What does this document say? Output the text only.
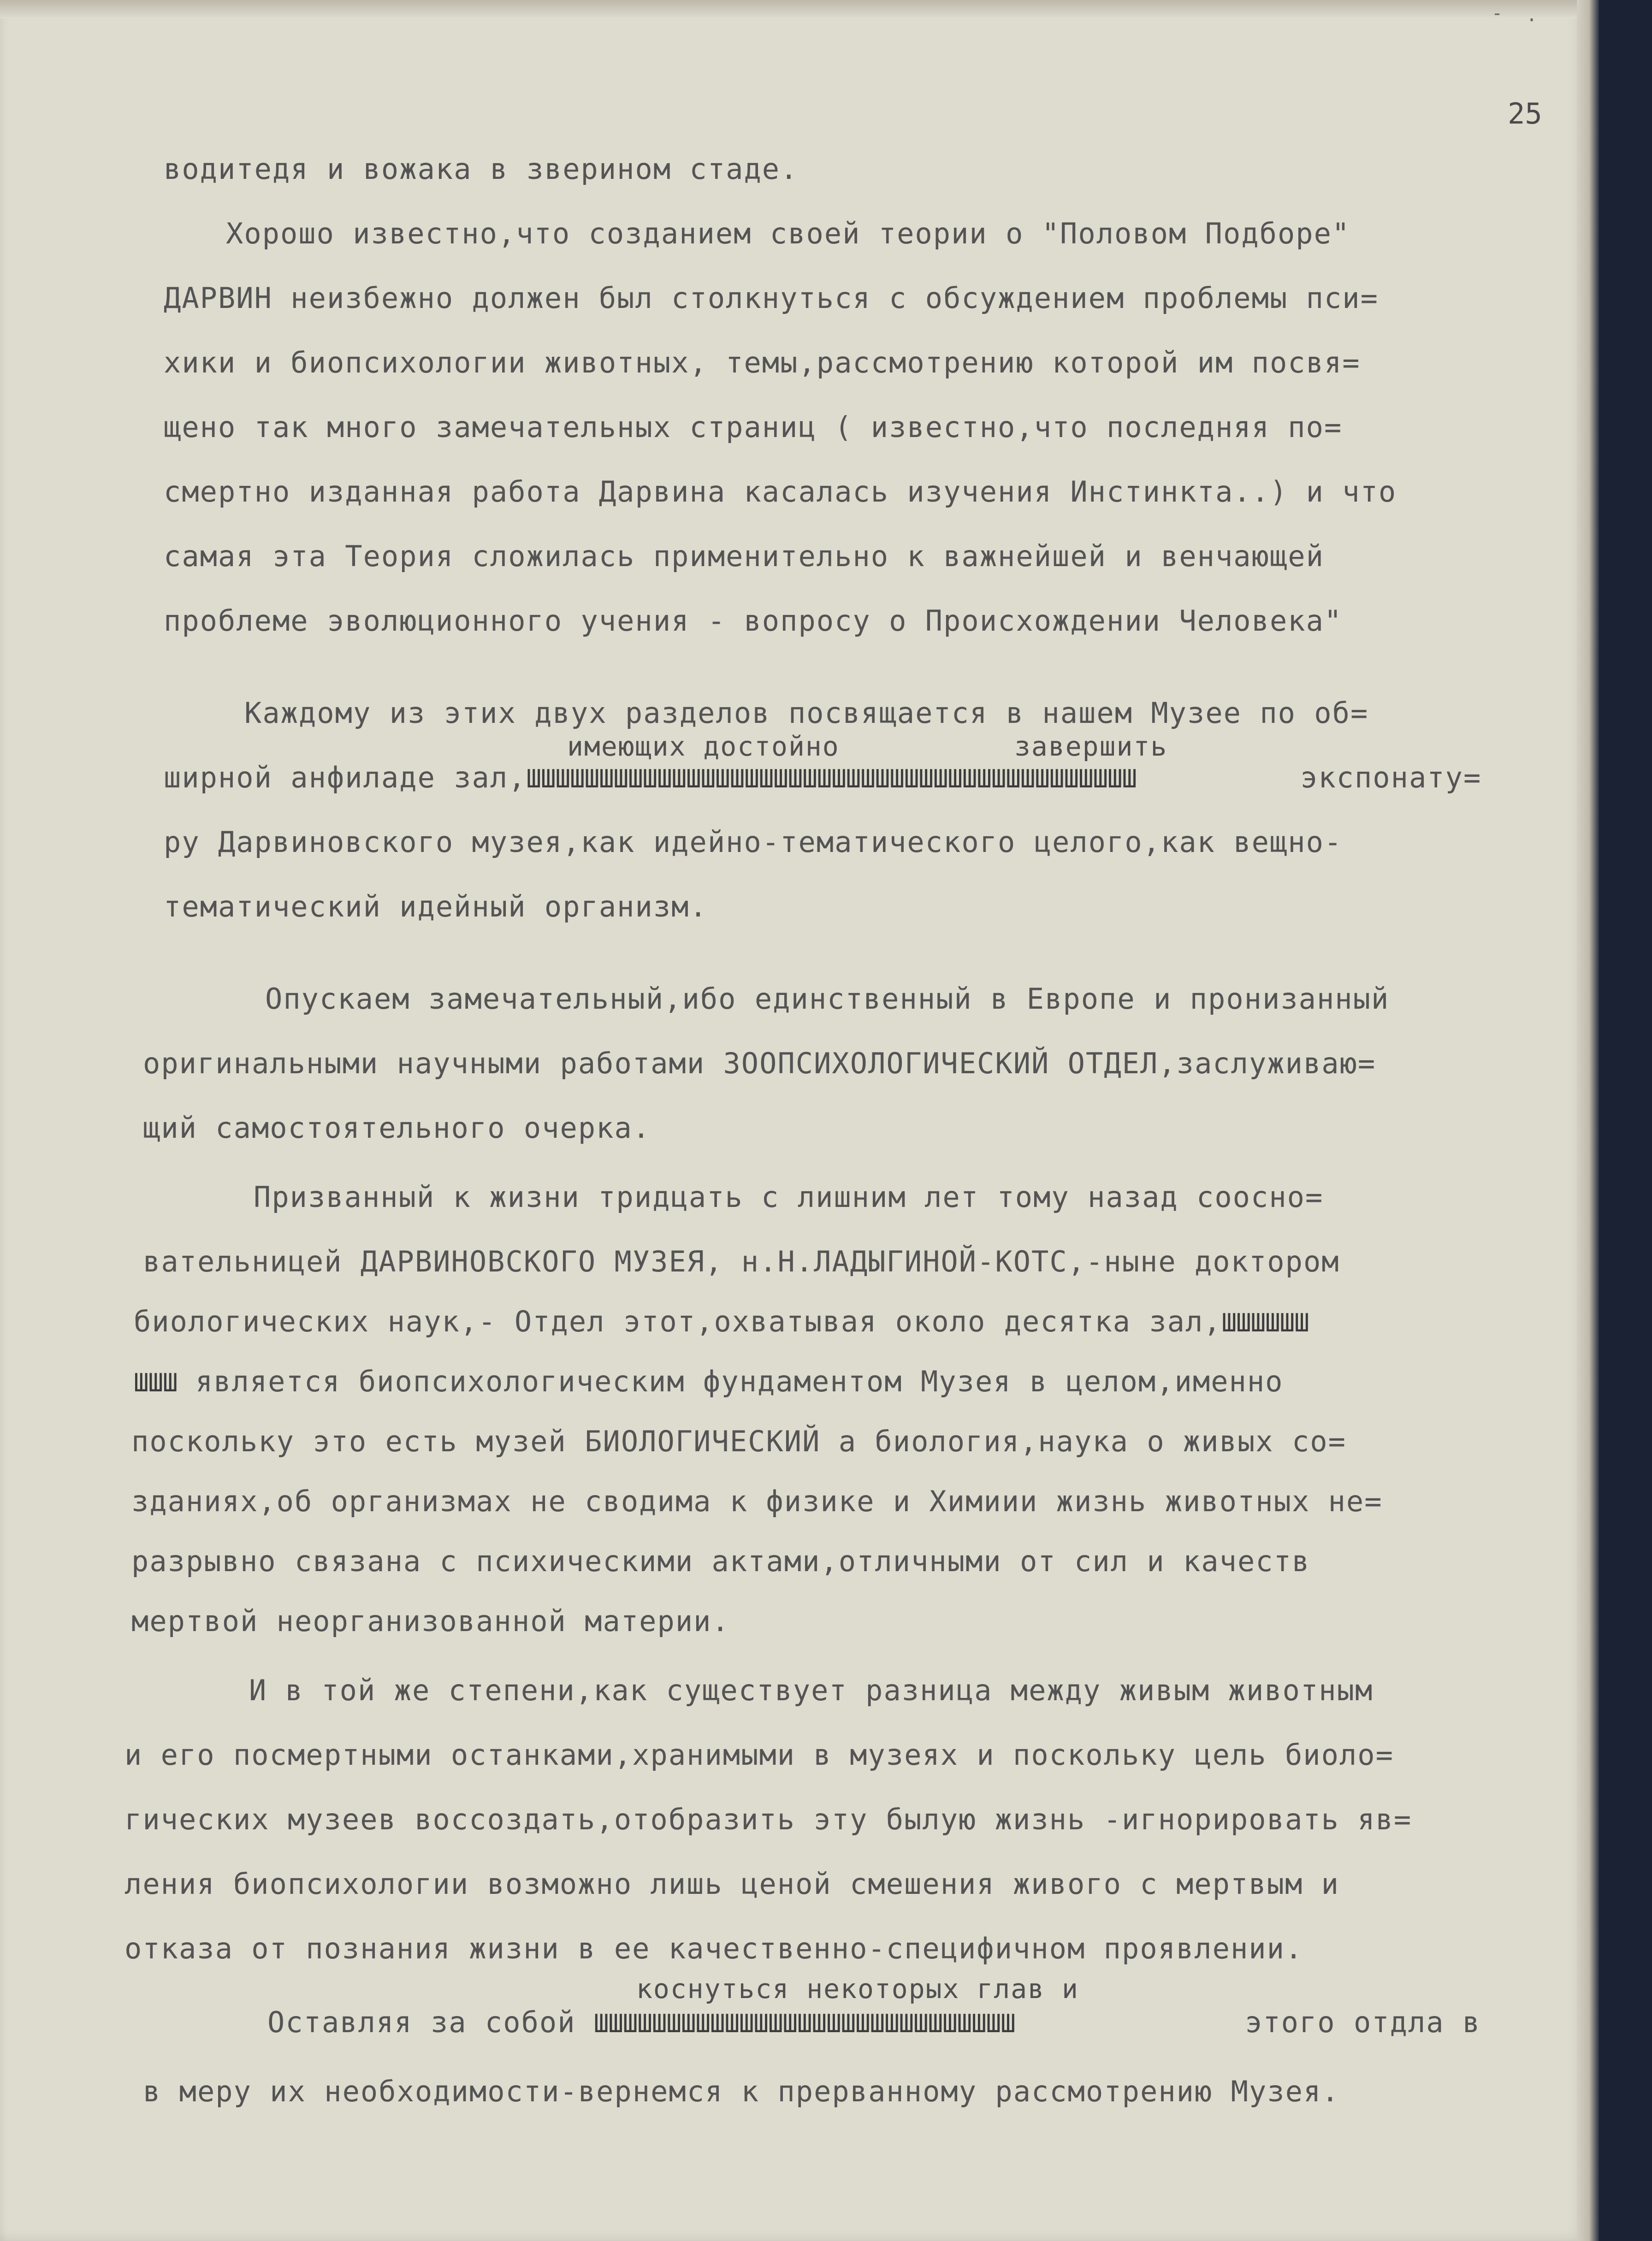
- .
25
водитедя и вожака в зверином стаде.
Хорошо известно,что созданием своей теории о "Половом Подборе"
ДАРВИН неизбежно должен был столкнуться с обсуждением проблемы пси=
хики и биопсихологии животных, темы,рассмотрению которой им посвя=
щено так много замечательных страниц ( известно,что последняя по=
смертно изданная работа Дарвина касалась изучения Инстинкта..) и что
самая эта Теория сложилась применительно к важнейшей и венчающей
проблеме эволюционного учения - вопросу о Происхождении Человека"
Каждому из этих двух разделов посвящается в нашем Музее по об=
имеющих достойно	завершить
ширной анфиладе зал,ШШШШШШШШШШШШШШШШШШШШШШШШШШШШШШШШШШШШШШШШШШ	экспонату=
ру Дарвиновского музея,как идейно-тематического целого,как вещно-
тематический идейный организм.
Опускаем замечательный,ибо единственный в Европе и пронизанный
оригинальными научными работами ЗООПСИХОЛОГИЧЕСКИЙ ОТДЕЛ,заслуживаю=
щий самостоятельного очерка.
Призванный к жизни тридцать с лишним лет тому назад соосно=
вательницей ДАРВИНОВСКОГО МУЗЕЯ, н.Н.ЛАДЫГИНОЙ-КОТС,-ныне доктором
биологических наук,- Отдел этот,охватывая около десятка зал,ШШШШШШ
ШШШ является биопсихологическим фундаментом Музея в целом,именно
поскольку это есть музей БИОЛОГИЧЕСКИЙ а биология,наука о живых со=
зданиях,об организмах не сводима к физике и Химиии жизнь животных не=
разрывно связана с психическими актами,отличными от сил и качеств
мертвой неорганизованной материи.
И в той же степени,как существует разница между живым животным
и его посмертными останками,хранимыми в музеях и поскольку цель биоло=
гических музеев воссоздать,отобразить эту былую жизнь -игнорировать яв=
ления биопсихологии возможно лишь ценой смешения живого с мертвым и
отказа от познания жизни в ее качественно-специфичном проявлении.
коснуться некоторых глав и
Оставляя за собой ШШШШШШШШШШШШШШШШШШШШШШШШШШШШШ	этого отдла в
в меру их необходимости-вернемся к прерванному рассмотрению Музея.
